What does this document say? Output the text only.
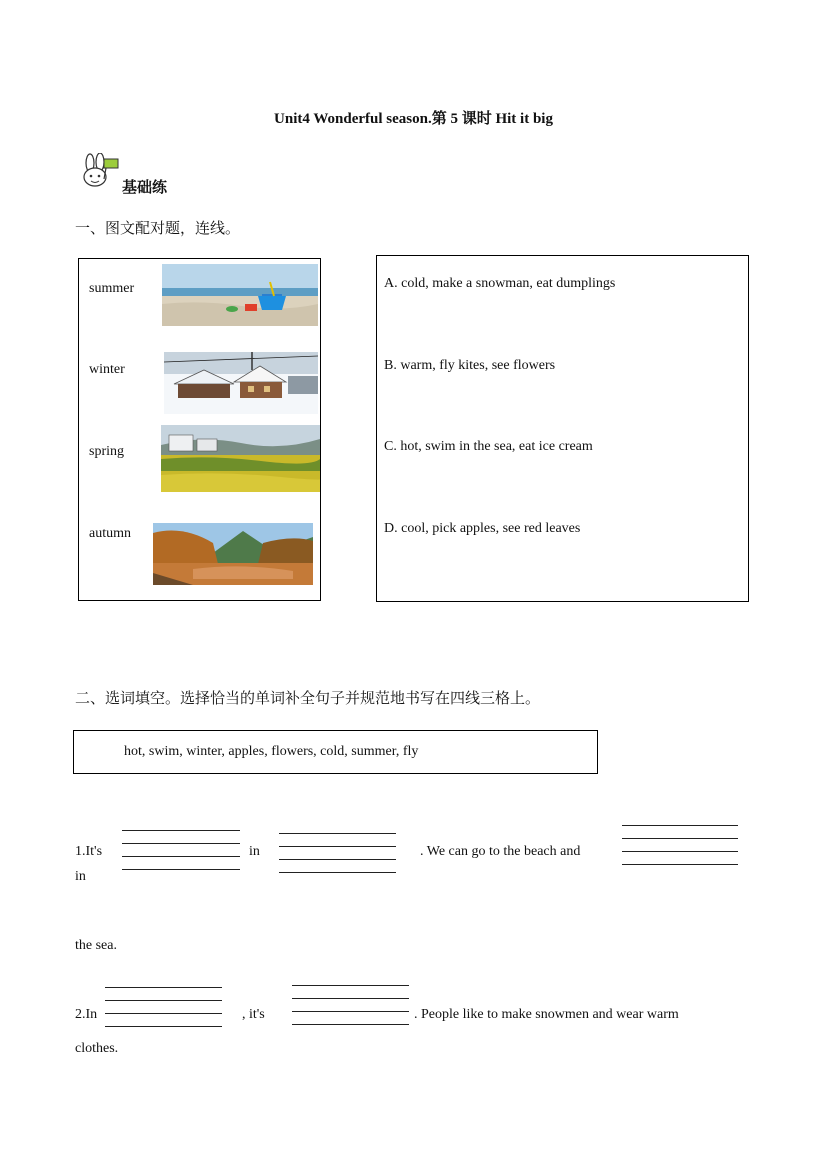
Unit4 Wonderful season.第 5 课时 Hit it big
基础练
一、图文配对题，连线。
summer
winter
spring
autumn
A. cold, make a snowman, eat dumplings
B. warm, fly kites, see flowers
C. hot, swim in the sea, eat ice cream
D. cool, pick apples, see red leaves
二、选词填空。选择恰当的单词补全句子并规范地书写在四线三格上。
hot, swim, winter, apples, flowers, cold, summer, fly
1.It's	in	. We can go to the beach and
in
the sea.
2.In	, it's	. People like to make snowmen and wear warm
clothes.
